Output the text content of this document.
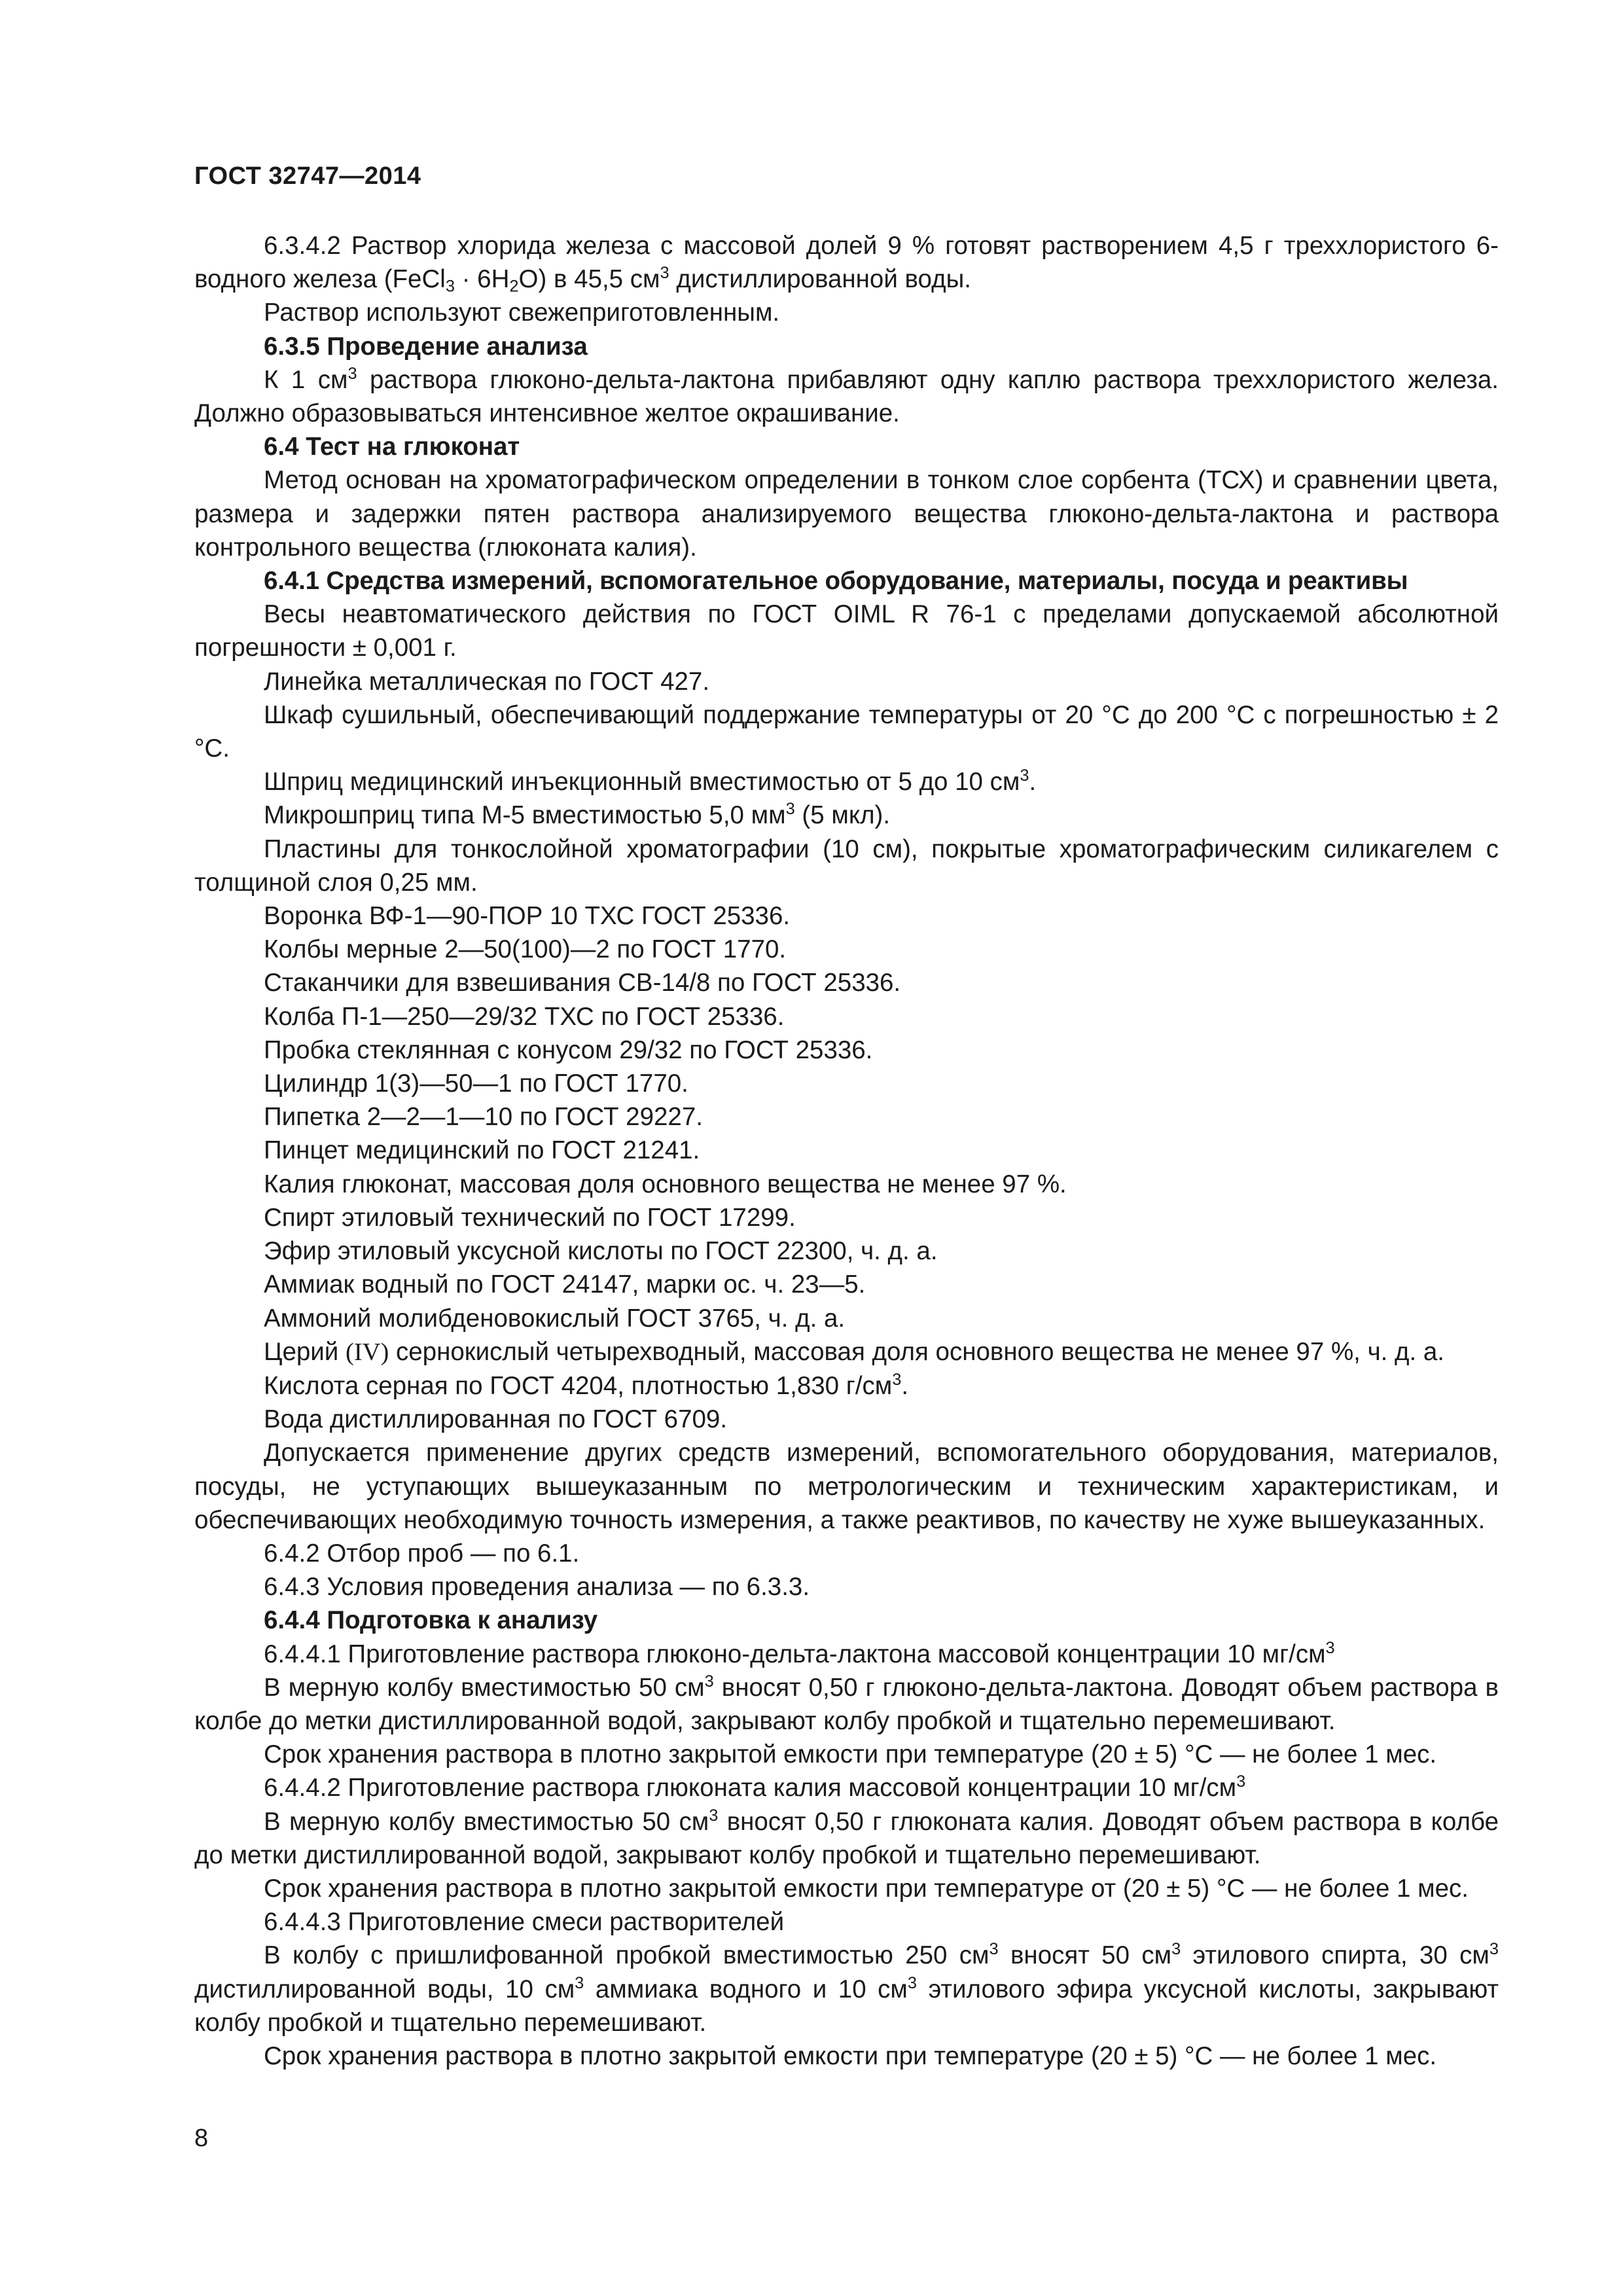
ГОСТ 32747—2014

6.3.4.2 Раствор хлорида железа с массовой долей 9 % готовят растворением 4,5 г треххлористого 6-водного железа (FeCl$_3$ · $6H_2O$) в 45,5 $см^3$ дистиллированной воды.

Раствор используют свежеприготовленным.

6.3.5 Проведение анализа

К 1 $см^3$ раствора глюконо-дельта-лактона прибавляют одну каплю раствора треххлористого железа. Должно образовываться интенсивное желтое окрашивание.

6.4 Тест на глюконат

Метод основан на хроматографическом определении в тонком слое сорбента (ТСХ) и сравнении цвета, размера и задержки пятен раствора анализируемого вещества глюконо-дельта-лактона и раствора контрольного вещества (глюконата калия).

6.4.1 Средства измерений, вспомогательное оборудование, материалы, посуда и реактивы

Весы неавтоматического действия по ГОСТ OIML R 76-1 с пределами допускаемой абсолютной погрешности ± 0,001 г.

Линейка металлическая по ГОСТ 427.

Шкаф сушильный, обеспечивающий поддержание температуры от 20 °С до 200 °С с погрешностью ± 2 °С.

Шприц медицинский инъекционный вместимостью от 5 до 10 $см^3$.

Микрошприц типа М-5 вместимостью 5,0 $мм^3$ (5 мкл).

Пластины для тонкослойной хроматографии (10 см), покрытые хроматографическим силикагелем с толщиной слоя 0,25 мм.

Воронка ВФ-1—90-ПОР 10 ТХС ГОСТ 25336.

Колбы мерные 2—50(100)—2 по ГОСТ 1770.

Стаканчики для взвешивания СВ-14/8 по ГОСТ 25336.

Колба П-1—250—29/32 ТХС по ГОСТ 25336.

Пробка стеклянная с конусом 29/32 по ГОСТ 25336.

Цилиндр 1(3)—50—1 по ГОСТ 1770.

Пипетка 2—2—1—10 по ГОСТ 29227.

Пинцет медицинский по ГОСТ 21241.

Калия глюконат, массовая доля основного вещества не менее 97 %.

Спирт этиловый технический по ГОСТ 17299.

Эфир этиловый уксусной кислоты по ГОСТ 22300, ч. д. а.

Аммиак водный по ГОСТ 24147, марки ос. ч. 23—5.

Аммоний молибденовокислый ГОСТ 3765, ч. д. а.

Церий (IV) сернокислый четырехводный, массовая доля основного вещества не менее 97 %, ч. д. а.

Кислота серная по ГОСТ 4204, плотностью 1,830 $г/см^3$.

Вода дистиллированная по ГОСТ 6709.

Допускается применение других средств измерений, вспомогательного оборудования, материалов, посуды, не уступающих вышеуказанным по метрологическим и техническим характеристикам, и обеспечивающих необходимую точность измерения, а также реактивов, по качеству не хуже вышеуказанных.

6.4.2 Отбор проб — по 6.1.

6.4.3 Условия проведения анализа — по 6.3.3.

6.4.4 Подготовка к анализу

6.4.4.1 Приготовление раствора глюконо-дельта-лактона массовой концентрации 10 $мг/см^3$

В мерную колбу вместимостью 50 $см^3$ вносят 0,50 г глюконо-дельта-лактона. Доводят объем раствора в колбе до метки дистиллированной водой, закрывают колбу пробкой и тщательно перемешивают.

Срок хранения раствора в плотно закрытой емкости при температуре (20 ± 5) °С — не более 1 мес.

6.4.4.2 Приготовление раствора глюконата калия массовой концентрации 10 $мг/см^3$

В мерную колбу вместимостью 50 $см^3$ вносят 0,50 г глюконата калия. Доводят объем раствора в колбе до метки дистиллированной водой, закрывают колбу пробкой и тщательно перемешивают.

Срок хранения раствора в плотно закрытой емкости при температуре от (20 ± 5) °С — не более 1 мес.

6.4.4.3 Приготовление смеси растворителей

В колбу с пришлифованной пробкой вместимостью 250 $см^3$ вносят 50 $см^3$ этилового спирта, 30 $см^3$ дистиллированной воды, 10 $см^3$ аммиака водного и 10 $см^3$ этилового эфира уксусной кислоты, закрывают колбу пробкой и тщательно перемешивают.

Срок хранения раствора в плотно закрытой емкости при температуре (20 ± 5) °С — не более 1 мес.

8
